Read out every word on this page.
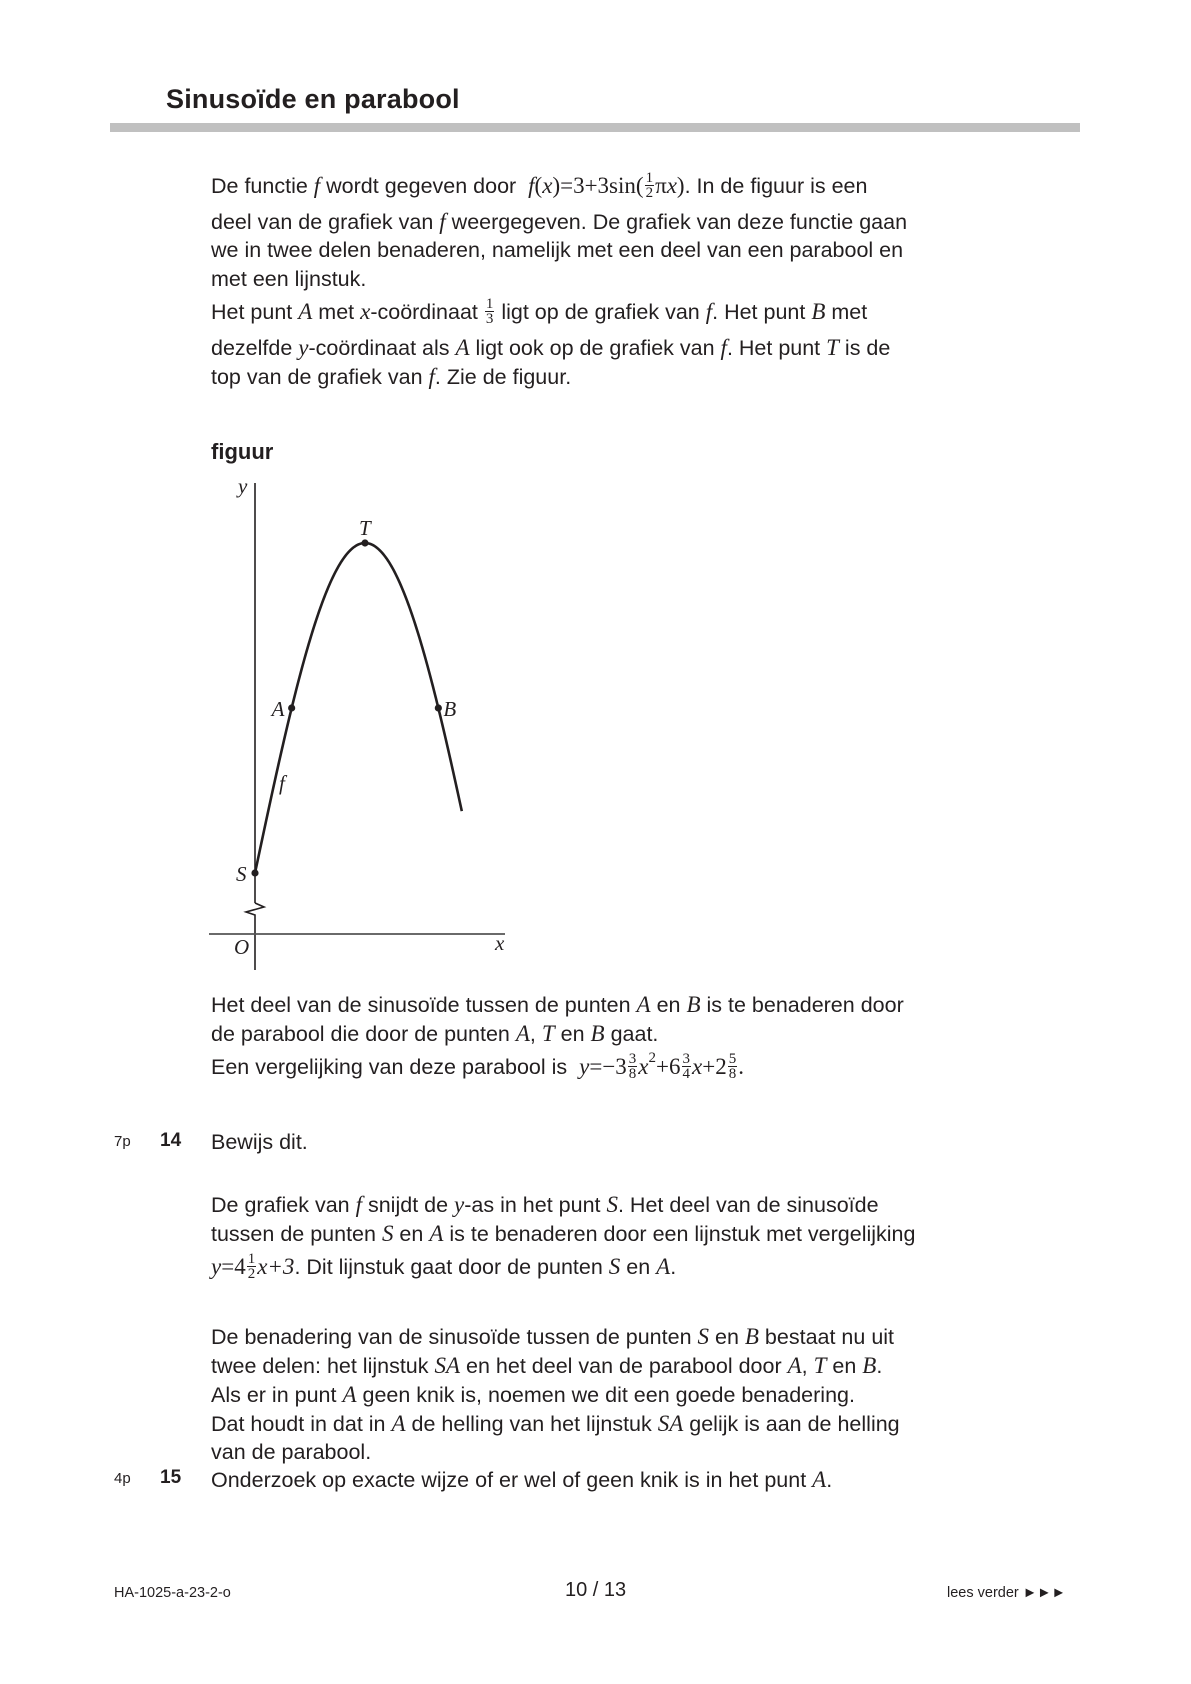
Sinusoïde en parabool
De functie f wordt gegeven door  $f(x)=3+3\sin( \frac{1}{2} \pi x)$. In de figuur is een
deel van de grafiek van f weergegeven. De grafiek van deze functie gaan
we in twee delen benaderen, namelijk met een deel van een parabool en
met een lijnstuk.
Het punt A met x-coördinaat $\frac{1}{3}$ ligt op de grafiek van f. Het punt B met
dezelfde y-coördinaat als A ligt ook op de grafiek van f. Het punt T is de
top van de grafiek van f. Zie de figuur.
figuur
y
x
O
f
S
A
T
B
Het deel van de sinusoïde tussen de punten A en B is te benaderen door
de parabool die door de punten A, T en B gaat.
Een vergelijking van deze parabool is  $y=-3 \frac{3}{8} x^2+6 \frac{3}{4} x+2 \frac{5}{8}$ .
7p 14 Bewijs dit.
De grafiek van f snijdt de y-as in het punt S. Het deel van de sinusoïde
tussen de punten S en A is te benaderen door een lijnstuk met vergelijking
$y=4 \frac{1}{2} x+3$. Dit lijnstuk gaat door de punten S en A.
De benadering van de sinusoïde tussen de punten S en B bestaat nu uit
twee delen: het lijnstuk SA en het deel van de parabool door A, T en B.
Als er in punt A geen knik is, noemen we dit een goede benadering.
Dat houdt in dat in A de helling van het lijnstuk SA gelijk is aan de helling
van de parabool.
4p 15 Onderzoek op exacte wijze of er wel of geen knik is in het punt A.
HA-1025-a-23-2-o	10 / 13	lees verder ►►►
